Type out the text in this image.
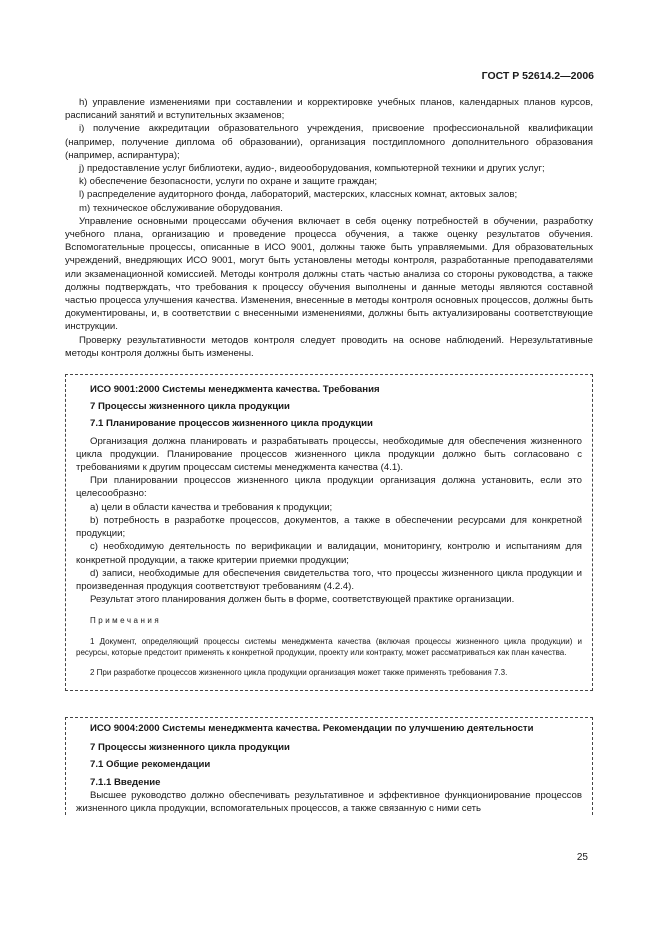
ГОСТ Р 52614.2—2006

h) управление изменениями при составлении и корректировке учебных планов, календарных планов курсов, расписаний занятий и вступительных экзаменов;

i) получение аккредитации образовательного учреждения, присвоение профессиональной квалификации (например, получение диплома об образовании), организация постдипломного дополнительного образования (например, аспирантура);

j) предоставление услуг библиотеки, аудио-, видеооборудования, компьютерной техники и других услуг;

k) обеспечение безопасности, услуги по охране и защите граждан;

l) распределение аудиторного фонда, лабораторий, мастерских, классных комнат, актовых залов;

m) техническое обслуживание оборудования.

Управление основными процессами обучения включает в себя оценку потребностей в обучении, разработку учебного плана, организацию и проведение процесса обучения, а также оценку результатов обучения. Вспомогательные процессы, описанные в ИСО 9001, должны также быть управляемыми. Для образовательных учреждений, внедряющих ИСО 9001, могут быть установлены методы контроля, разработанные преподавателями или экзаменационной комиссией. Методы контроля должны стать частью анализа со стороны руководства, а также должны подтверждать, что требования к процессу обучения выполнены и данные методы являются составной частью процесса улучшения качества. Изменения, внесенные в методы контроля основных процессов, должны быть документированы, и, в соответствии с внесенными изменениями, должны быть актуализированы соответствующие инструкции.

Проверку результативности методов контроля следует проводить на основе наблюдений. Нерезультативные методы контроля должны быть изменены.

ИСО 9001:2000 Системы менеджмента качества. Требования

7 Процессы жизненного цикла продукции

7.1 Планирование процессов жизненного цикла продукции

Организация должна планировать и разрабатывать процессы, необходимые для обеспечения жизненного цикла продукции. Планирование процессов жизненного цикла продукции должно быть согласовано с требованиями к другим процессам системы менеджмента качества (4.1).

При планировании процессов жизненного цикла продукции организация должна установить, если это целесообразно:

a) цели в области качества и требования к продукции;

b) потребность в разработке процессов, документов, а также в обеспечении ресурсами для конкретной продукции;

c) необходимую деятельность по верификации и валидации, мониторингу, контролю и испытаниям для конкретной продукции, а также критерии приемки продукции;

d) записи, необходимые для обеспечения свидетельства того, что процессы жизненного цикла продукции и произведенная продукция соответствуют требованиям (4.2.4).

Результат этого планирования должен быть в форме, соответствующей практике организации.

Примечания

1 Документ, определяющий процессы системы менеджмента качества (включая процессы жизненного цикла продукции) и ресурсы, которые предстоит применять к конкретной продукции, проекту или контракту, может рассматриваться как план качества.

2 При разработке процессов жизненного цикла продукции организация может также применять требования 7.3.

ИСО 9004:2000 Системы менеджмента качества. Рекомендации по улучшению деятельности

7 Процессы жизненного цикла продукции

7.1 Общие рекомендации

7.1.1 Введение

Высшее руководство должно обеспечивать результативное и эффективное функционирование процессов жизненного цикла продукции, вспомогательных процессов, а также связанную с ними сеть

25
